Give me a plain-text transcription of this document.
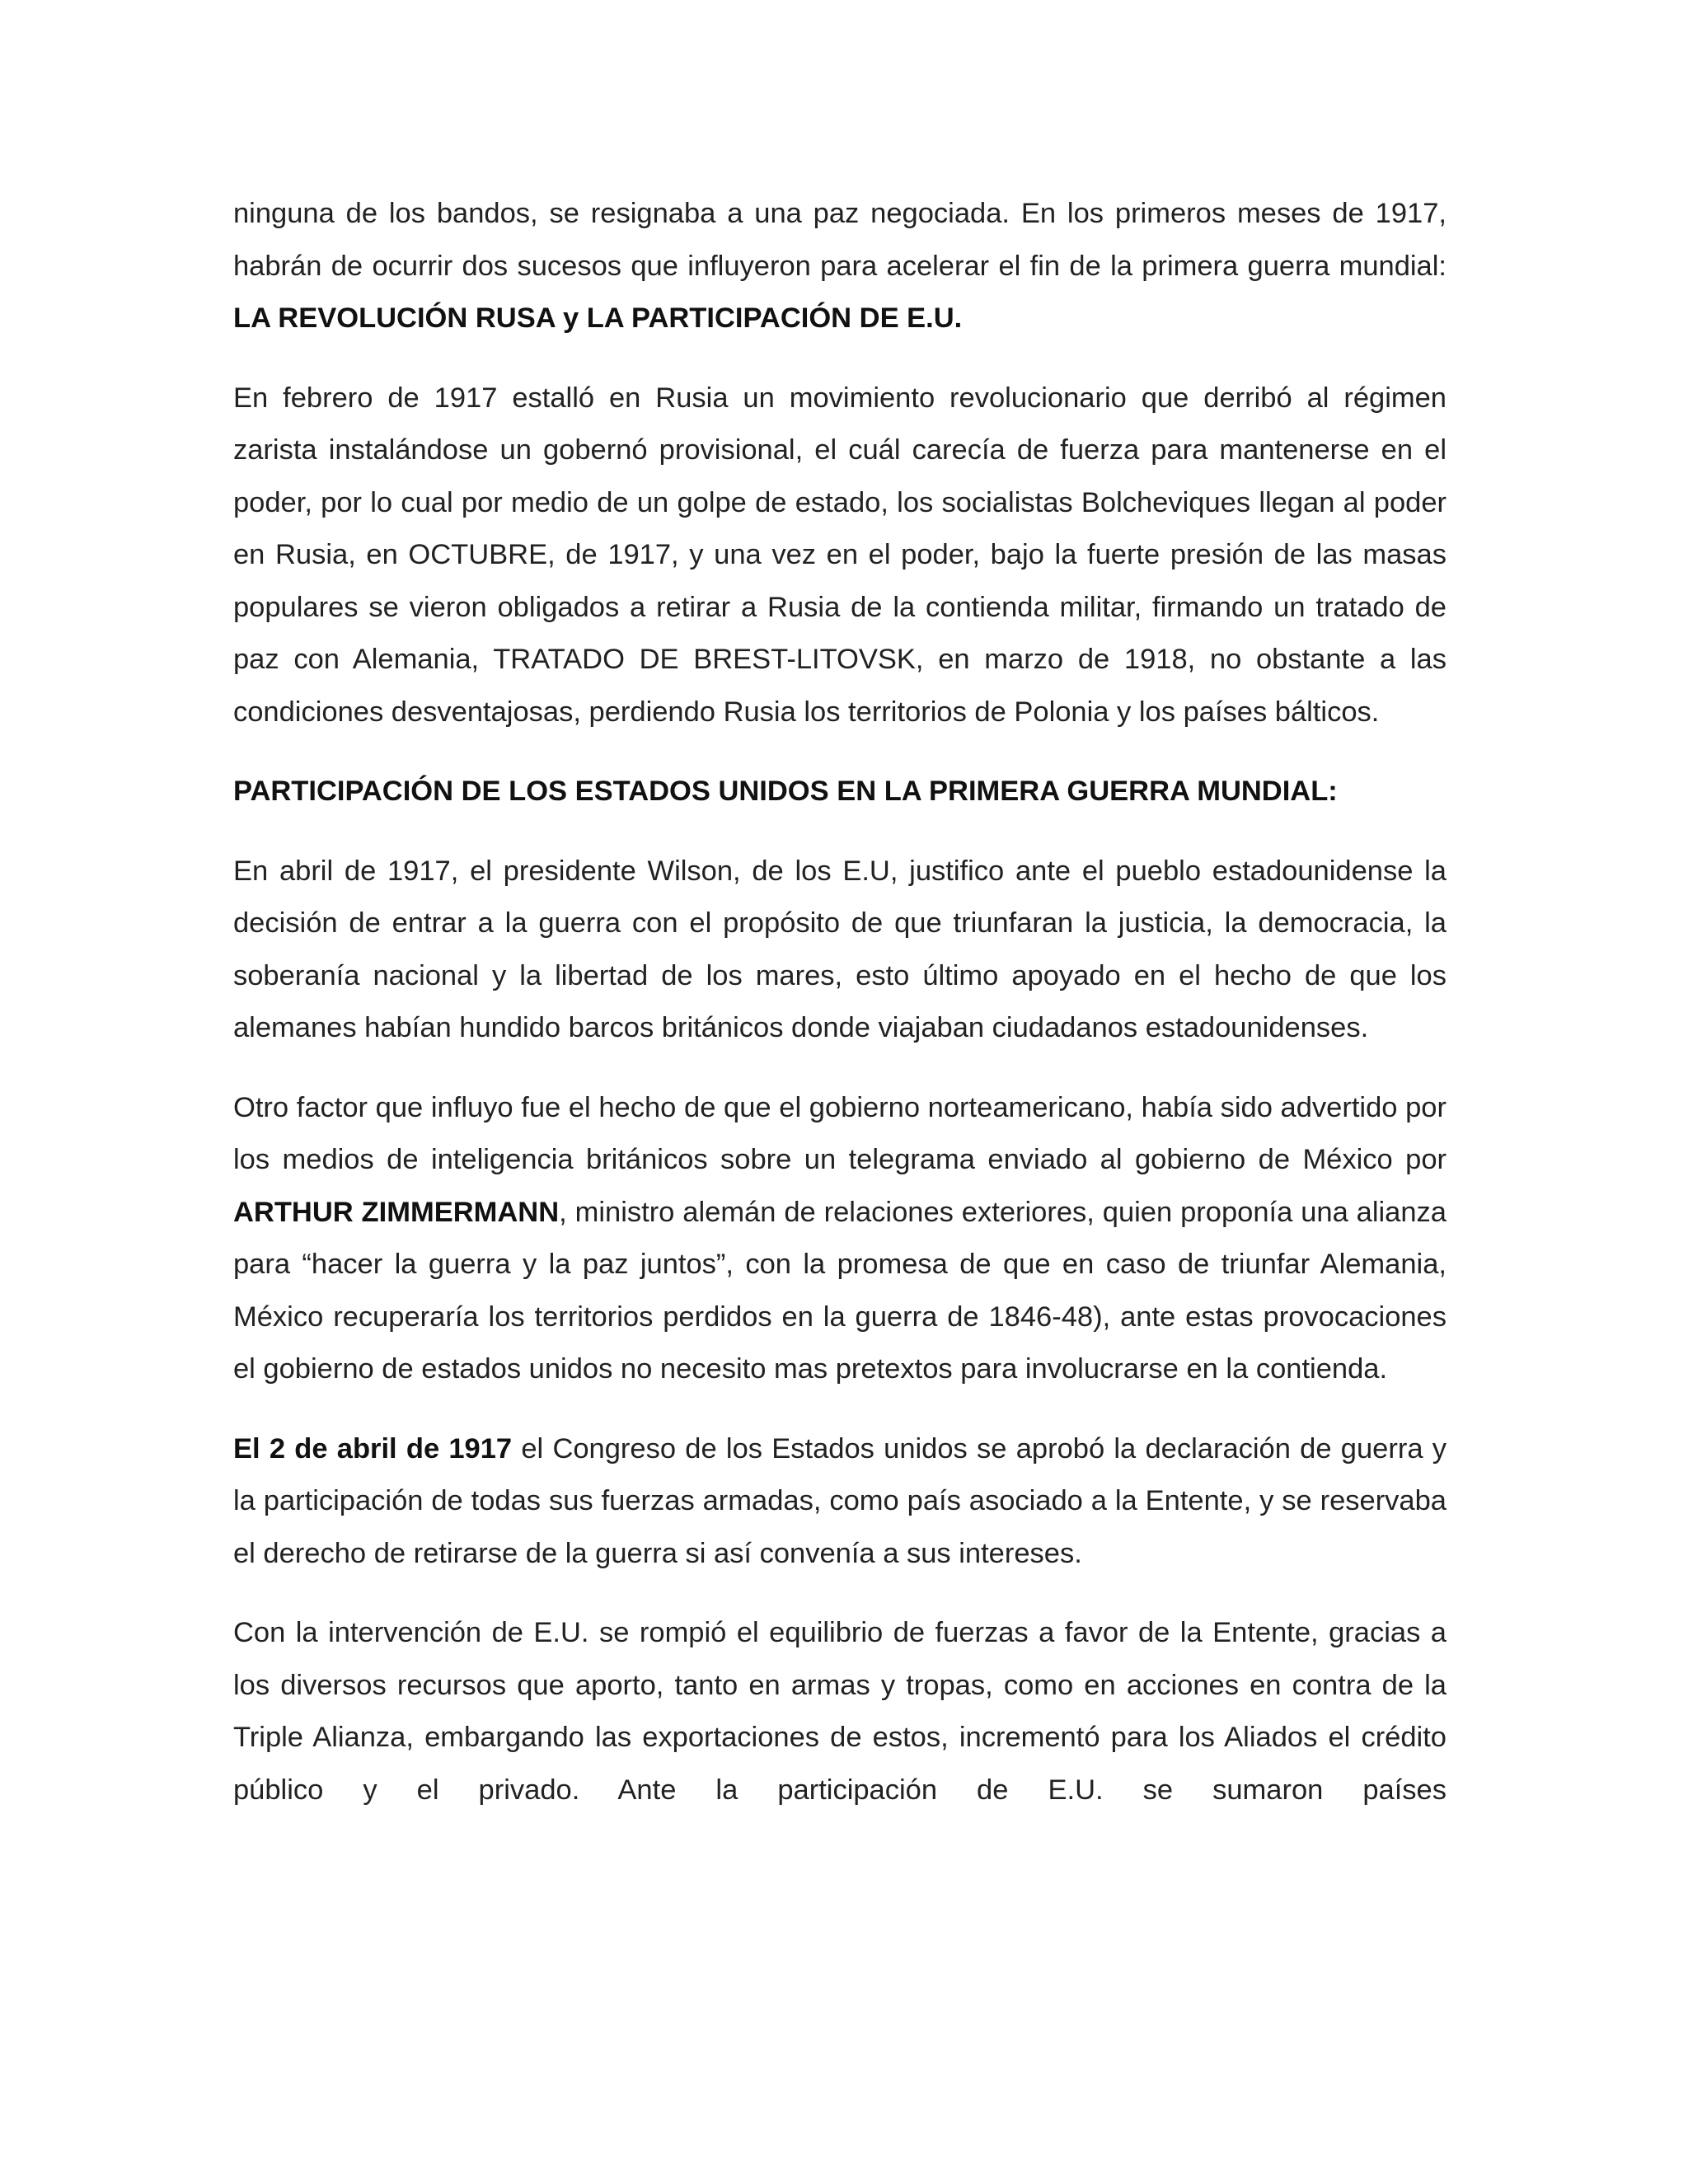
ninguna de los bandos, se resignaba a una paz negociada. En los primeros meses de 1917, habrán de ocurrir dos sucesos que influyeron para acelerar el fin de la primera guerra mundial: LA REVOLUCIÓN RUSA y LA PARTICIPACIÓN DE E.U.

En febrero de 1917 estalló en Rusia un movimiento revolucionario que derribó al régimen zarista instalándose un gobernó provisional, el cuál carecía de fuerza para mantenerse en el poder, por lo cual por medio de un golpe de estado, los socialistas Bolcheviques llegan al poder en Rusia, en OCTUBRE, de 1917, y una vez en el poder, bajo la fuerte presión de las masas populares se vieron obligados a retirar a Rusia de la contienda militar, firmando un tratado de paz con Alemania, TRATADO DE BREST-LITOVSK, en marzo de 1918, no obstante a las condiciones desventajosas, perdiendo Rusia los territorios de Polonia y los países bálticos.

PARTICIPACIÓN DE LOS ESTADOS UNIDOS EN LA PRIMERA GUERRA MUNDIAL:

En abril de 1917, el presidente Wilson, de los E.U, justifico ante el pueblo estadounidense la decisión de entrar a la guerra con el propósito de que triunfaran la justicia, la democracia, la soberanía nacional y la libertad de los mares, esto último apoyado en el hecho de que los alemanes habían hundido barcos británicos donde viajaban ciudadanos estadounidenses.

Otro factor que influyo fue el hecho de que el gobierno norteamericano, había sido advertido por los medios de inteligencia británicos sobre un telegrama enviado al gobierno de México por ARTHUR ZIMMERMANN, ministro alemán de relaciones exteriores, quien proponía una alianza para “hacer la guerra y la paz juntos”, con la promesa de que en caso de triunfar Alemania, México recuperaría los territorios perdidos en la guerra de 1846-48), ante estas provocaciones el gobierno de estados unidos no necesito mas pretextos para involucrarse en la contienda.

El 2 de abril de 1917 el Congreso de los Estados unidos se aprobó la declaración de guerra y la participación de todas sus fuerzas armadas, como país asociado a la Entente, y se reservaba el derecho de retirarse de la guerra si así convenía a sus intereses.

Con la intervención de E.U. se rompió el equilibrio de fuerzas a favor de la Entente, gracias a los diversos recursos que aporto, tanto en armas y tropas, como en acciones en contra de la Triple Alianza, embargando las exportaciones de estos, incrementó para los Aliados el crédito público y el privado. Ante la participación de E.U. se sumaron países
